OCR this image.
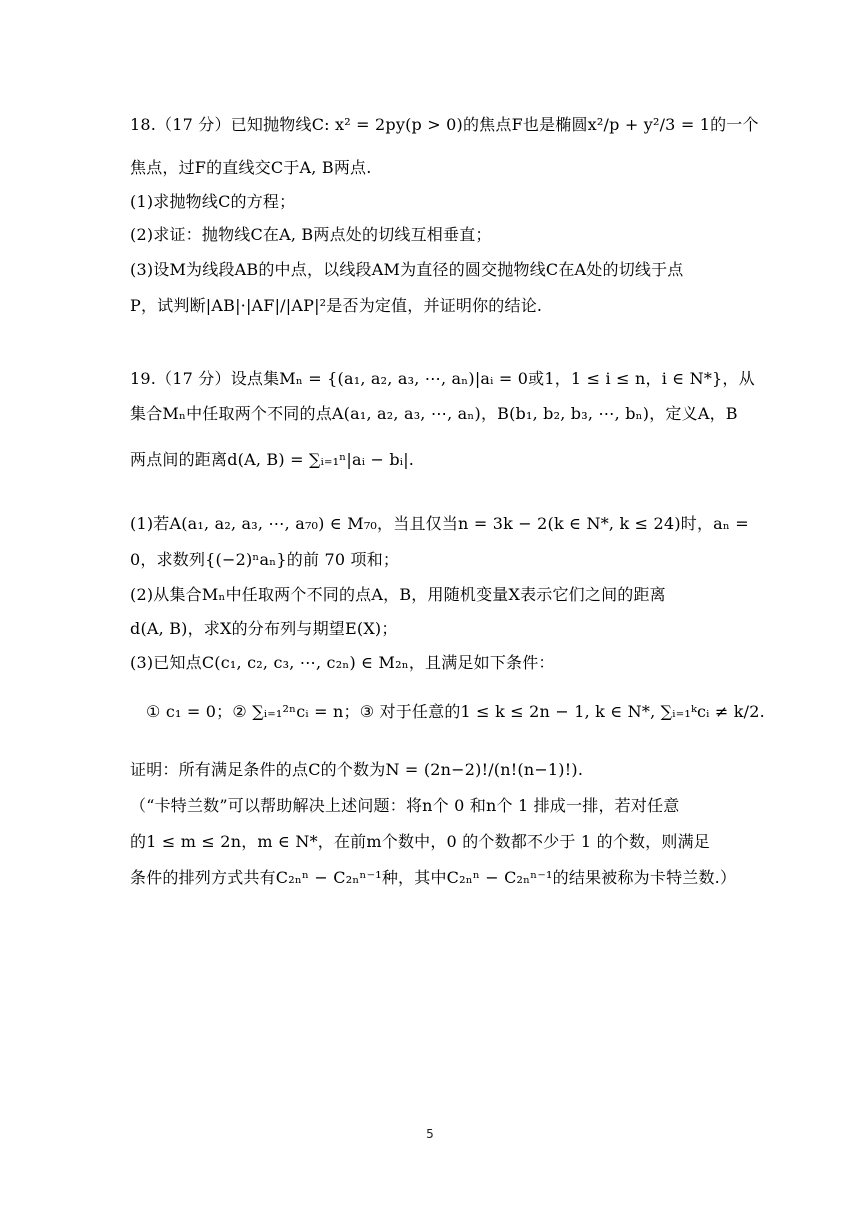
18.（17 分）已知抛物线C: x² = 2py(p > 0)的焦点F也是椭圆x²/p + y²/3 = 1的一个
焦点，过F的直线交C于A, B两点.
(1)求抛物线C的方程；
(2)求证：抛物线C在A, B两点处的切线互相垂直；
(3)设M为线段AB的中点，以线段AM为直径的圆交抛物线C在A处的切线于点
P，试判断|AB|·|AF|/|AP|²是否为定值，并证明你的结论.
19.（17 分）设点集Mₙ = {(a₁, a₂, a₃, ⋯, aₙ)|aᵢ = 0或1，1 ≤ i ≤ n，i ∈ N*}，从
集合Mₙ中任取两个不同的点A(a₁, a₂, a₃, ⋯, aₙ)，B(b₁, b₂, b₃, ⋯, bₙ)，定义A，B
两点间的距离d(A, B) = ∑ᵢ₌₁ⁿ|aᵢ − bᵢ|.
(1)若A(a₁, a₂, a₃, ⋯, a₇₀) ∈ M₇₀，当且仅当n = 3k − 2(k ∈ N*, k ≤ 24)时，aₙ =
0，求数列{(−2)ⁿaₙ}的前 70 项和；
(2)从集合Mₙ中任取两个不同的点A，B，用随机变量X表示它们之间的距离
d(A, B)，求X的分布列与期望E(X)；
(3)已知点C(c₁, c₂, c₃, ⋯, c₂ₙ) ∈ M₂ₙ，且满足如下条件：
① c₁ = 0；② ∑ᵢ₌₁²ⁿcᵢ = n；③ 对于任意的1 ≤ k ≤ 2n − 1, k ∈ N*, ∑ᵢ₌₁ᵏcᵢ ≠ k/2.
证明：所有满足条件的点C的个数为N = (2n−2)!/(n!(n−1)!).
（“卡特兰数”可以帮助解决上述问题：将n个 0 和n个 1 排成一排，若对任意
的1 ≤ m ≤ 2n，m ∈ N*，在前m个数中，0 的个数都不少于 1 的个数，则满足
条件的排列方式共有C₂ₙⁿ − C₂ₙⁿ⁻¹种，其中C₂ₙⁿ − C₂ₙⁿ⁻¹的结果被称为卡特兰数.）
5
